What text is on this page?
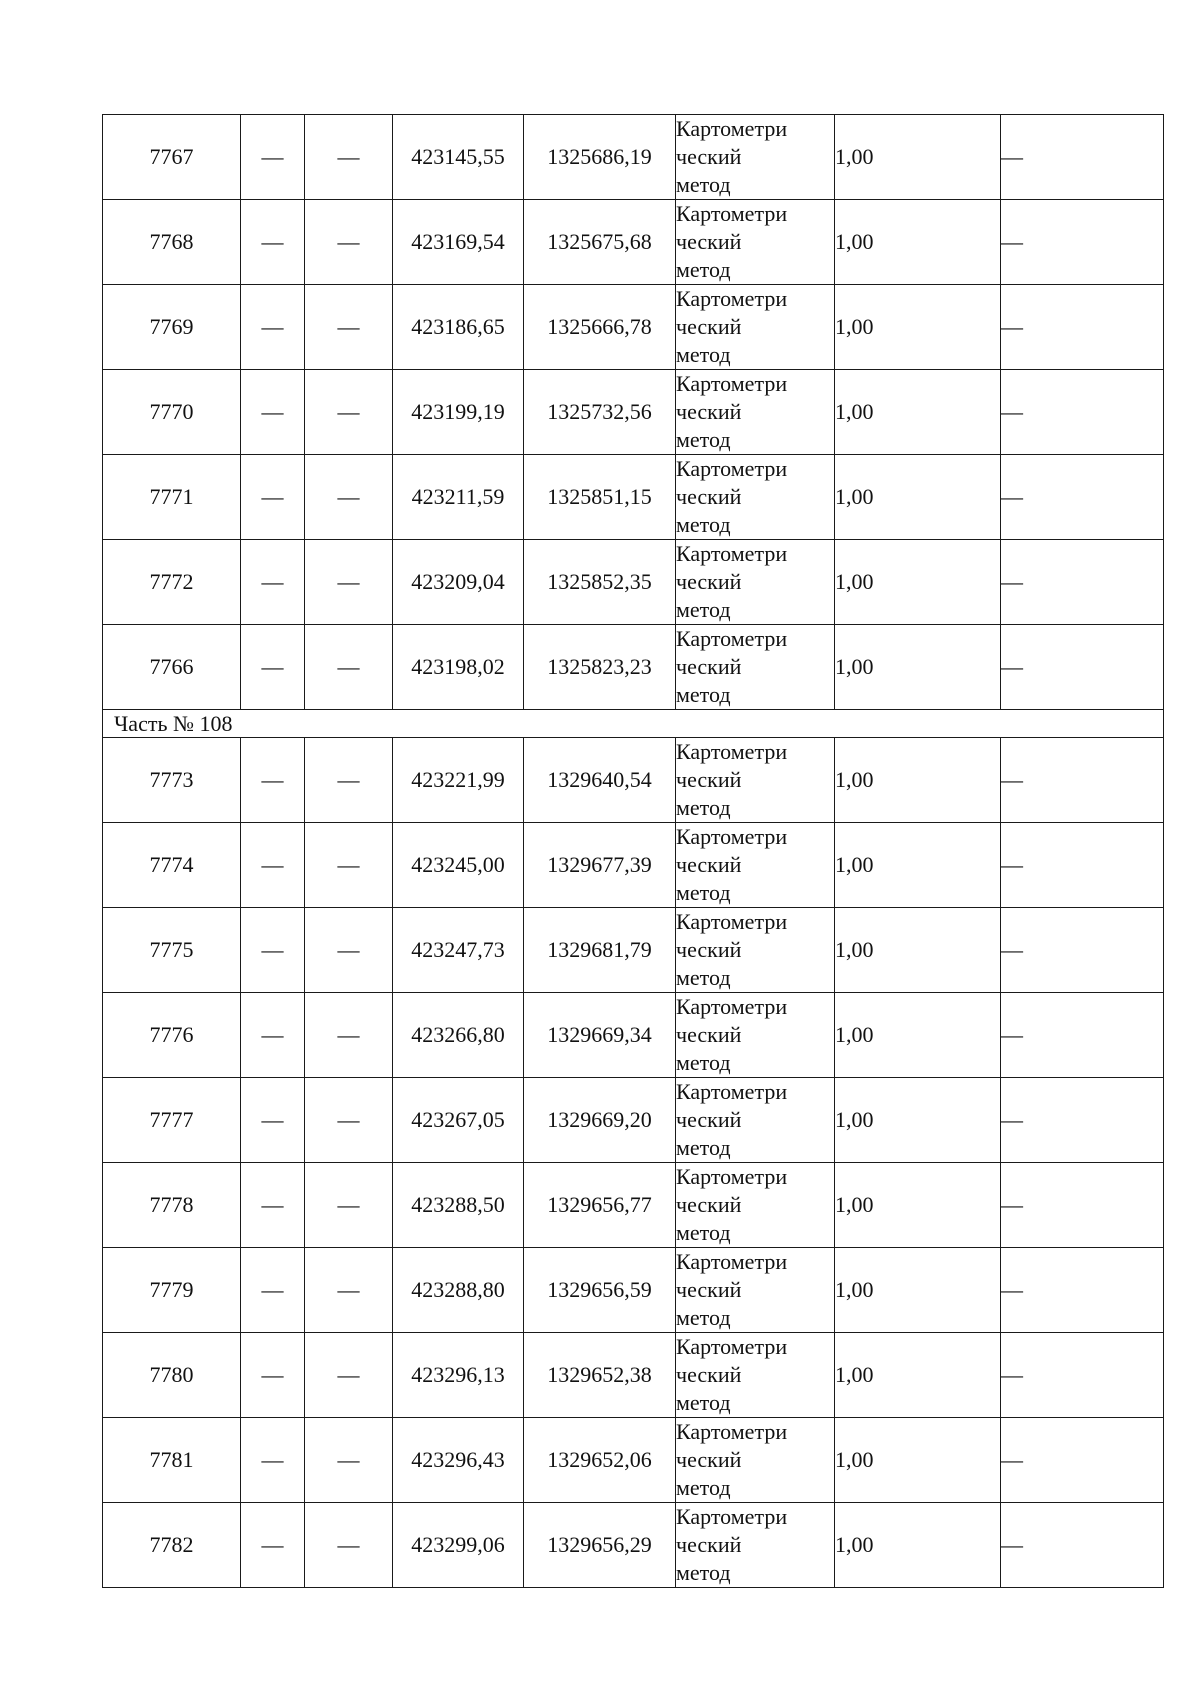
7767	—	—	423145,55	1325686,19	Картометри
ческий
метод	1,00	—
7768	—	—	423169,54	1325675,68	Картометри
ческий
метод	1,00	—
7769	—	—	423186,65	1325666,78	Картометри
ческий
метод	1,00	—
7770	—	—	423199,19	1325732,56	Картометри
ческий
метод	1,00	—
7771	—	—	423211,59	1325851,15	Картометри
ческий
метод	1,00	—
7772	—	—	423209,04	1325852,35	Картометри
ческий
метод	1,00	—
7766	—	—	423198,02	1325823,23	Картометри
ческий
метод	1,00	—
Часть № 108							
7773	—	—	423221,99	1329640,54	Картометри
ческий
метод	1,00	—
7774	—	—	423245,00	1329677,39	Картометри
ческий
метод	1,00	—
7775	—	—	423247,73	1329681,79	Картометри
ческий
метод	1,00	—
7776	—	—	423266,80	1329669,34	Картометри
ческий
метод	1,00	—
7777	—	—	423267,05	1329669,20	Картометри
ческий
метод	1,00	—
7778	—	—	423288,50	1329656,77	Картометри
ческий
метод	1,00	—
7779	—	—	423288,80	1329656,59	Картометри
ческий
метод	1,00	—
7780	—	—	423296,13	1329652,38	Картометри
ческий
метод	1,00	—
7781	—	—	423296,43	1329652,06	Картометри
ческий
метод	1,00	—
7782	—	—	423299,06	1329656,29	Картометри
ческий
метод	1,00	—
